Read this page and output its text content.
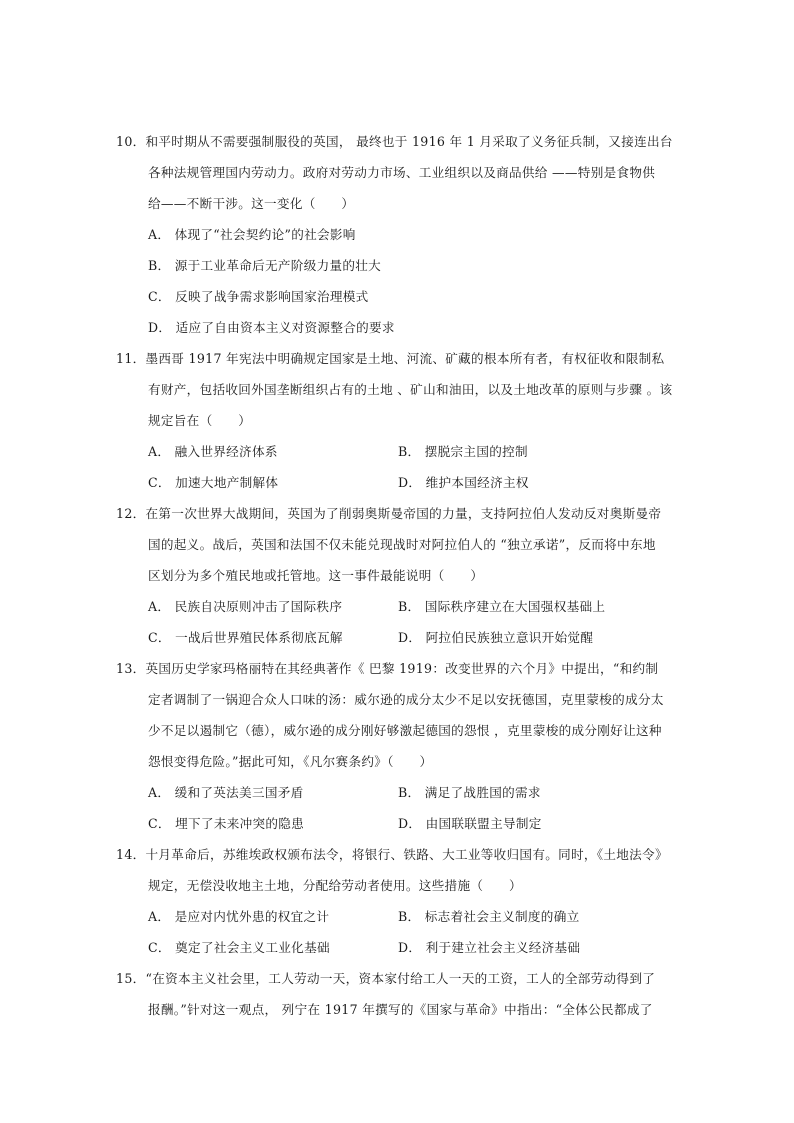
10．和平时期从不需要强制服役的英国， 最终也于 1916 年 1 月采取了义务征兵制，又接连出台
各种法规管理国内劳动力。政府对劳动力市场、工业组织以及商品供给 ——特别是食物供
给——不断干涉。这一变化（　　）
A． 体现了“社会契约论”的社会影响
B． 源于工业革命后无产阶级力量的壮大
C． 反映了战争需求影响国家治理模式
D． 适应了自由资本主义对资源整合的要求
11．墨西哥 1917 年宪法中明确规定国家是土地、河流、矿藏的根本所有者，有权征收和限制私
有财产，包括收回外国垄断组织占有的土地 、矿山和油田，以及土地改革的原则与步骤 。该
规定旨在（　　）
A． 融入世界经济体系	B． 摆脱宗主国的控制
C． 加速大地产制解体	D． 维护本国经济主权
12．在第一次世界大战期间，英国为了削弱奥斯曼帝国的力量，支持阿拉伯人发动反对奥斯曼帝
国的起义。战后，英国和法国不仅未能兑现战时对阿拉伯人的 “独立承诺”，反而将中东地
区划分为多个殖民地或托管地。这一事件最能说明（　　）
A． 民族自决原则冲击了国际秩序	B． 国际秩序建立在大国强权基础上
C． 一战后世界殖民体系彻底瓦解	D． 阿拉伯民族独立意识开始觉醒
13．英国历史学家玛格丽特在其经典著作《 巴黎 1919：改变世界的六个月》中提出，“和约制
定者调制了一锅迎合众人口味的汤：威尔逊的成分太少不足以安抚德国，克里蒙梭的成分太
少不足以遏制它（德），威尔逊的成分刚好够激起德国的怨恨 ，克里蒙梭的成分刚好让这种
怨恨变得危险。”据此可知，《凡尔赛条约》（　　）
A． 缓和了英法美三国矛盾	B． 满足了战胜国的需求
C． 埋下了未来冲突的隐患	D． 由国联联盟主导制定
14．十月革命后，苏维埃政权颁布法令，将银行、铁路、大工业等收归国有。同时，《土地法令》
规定，无偿没收地主土地，分配给劳动者使用。这些措施（　　）
A． 是应对内忧外患的权宜之计	B． 标志着社会主义制度的确立
C． 奠定了社会主义工业化基础	D． 利于建立社会主义经济基础
15．“在资本主义社会里，工人劳动一天，资本家付给工人一天的工资，工人的全部劳动得到了
报酬。”针对这一观点， 列宁在 1917 年撰写的《国家与革命》中指出：“全体公民都成了
